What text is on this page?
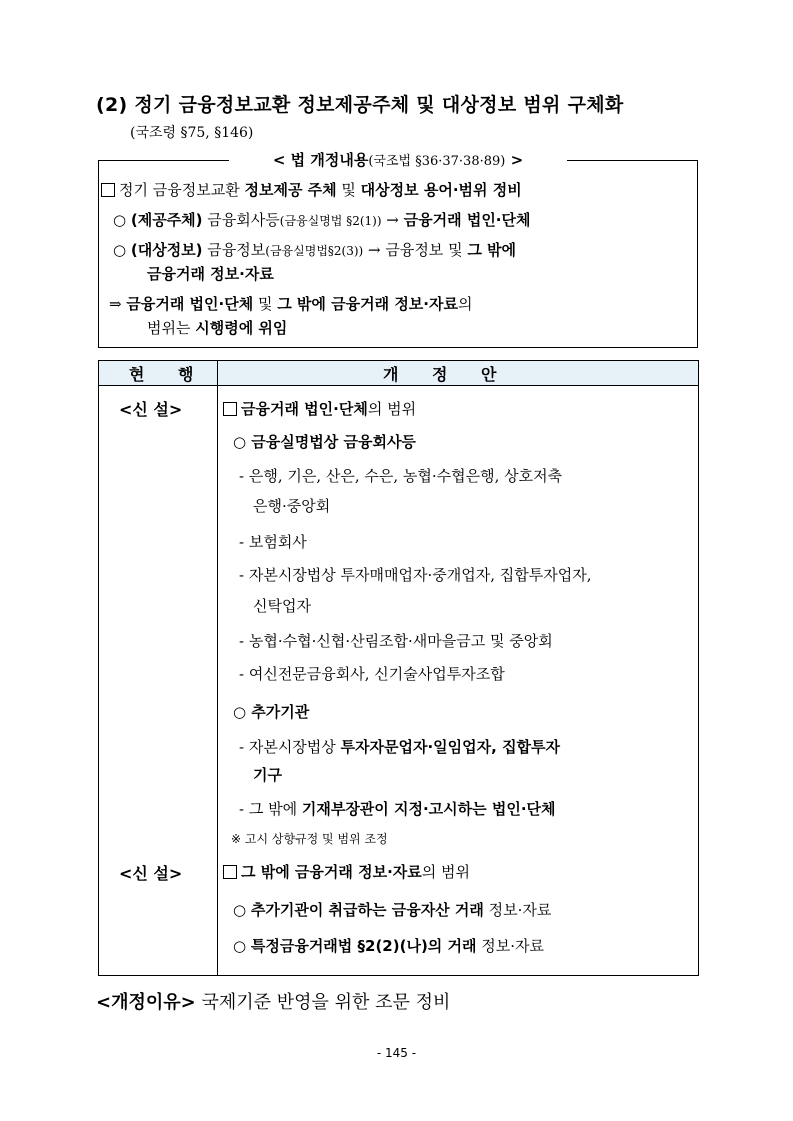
(2) 정기 금융정보교환 정보제공주체 및 대상정보 범위 구체화
(국조령 §75, §146)
< 법 개정내용(국조법 §36·37·38·89) >
정기 금융정보교환 정보제공 주체 및 대상정보 용어·범위 정비
○ (제공주체) 금융회사등(금융실명법 §2(1)) → 금융거래 법인·단체
○ (대상정보) 금융정보(금융실명법§2(3)) → 금융정보 및 그 밖에
금융거래 정보·자료
⇒ 금융거래 법인·단체 및 그 밖에 금융거래 정보·자료의
범위는 시행령에 위임
현 행	개 정 안
<신 설>
<신 설>
금융거래 법인·단체의 범위
○ 금융실명법상 금융회사등
- 은행, 기은, 산은, 수은, 농협·수협은행, 상호저축
은행·중앙회
- 보험회사
- 자본시장법상 투자매매업자·중개업자, 집합투자업자,
신탁업자
- 농협·수협·신협·산림조합·새마을금고 및 중앙회
- 여신전문금융회사, 신기술사업투자조합
○ 추가기관
- 자본시장법상 투자자문업자·일임업자, 집합투자
기구
- 그 밖에 기재부장관이 지정·고시하는 법인·단체
※ 고시 상향규정 및 범위 조정
그 밖에 금융거래 정보·자료의 범위
○ 추가기관이 취급하는 금융자산 거래 정보·자료
○ 특정금융거래법 §2(2)(나)의 거래 정보·자료
<개정이유> 국제기준 반영을 위한 조문 정비
- 145 -
